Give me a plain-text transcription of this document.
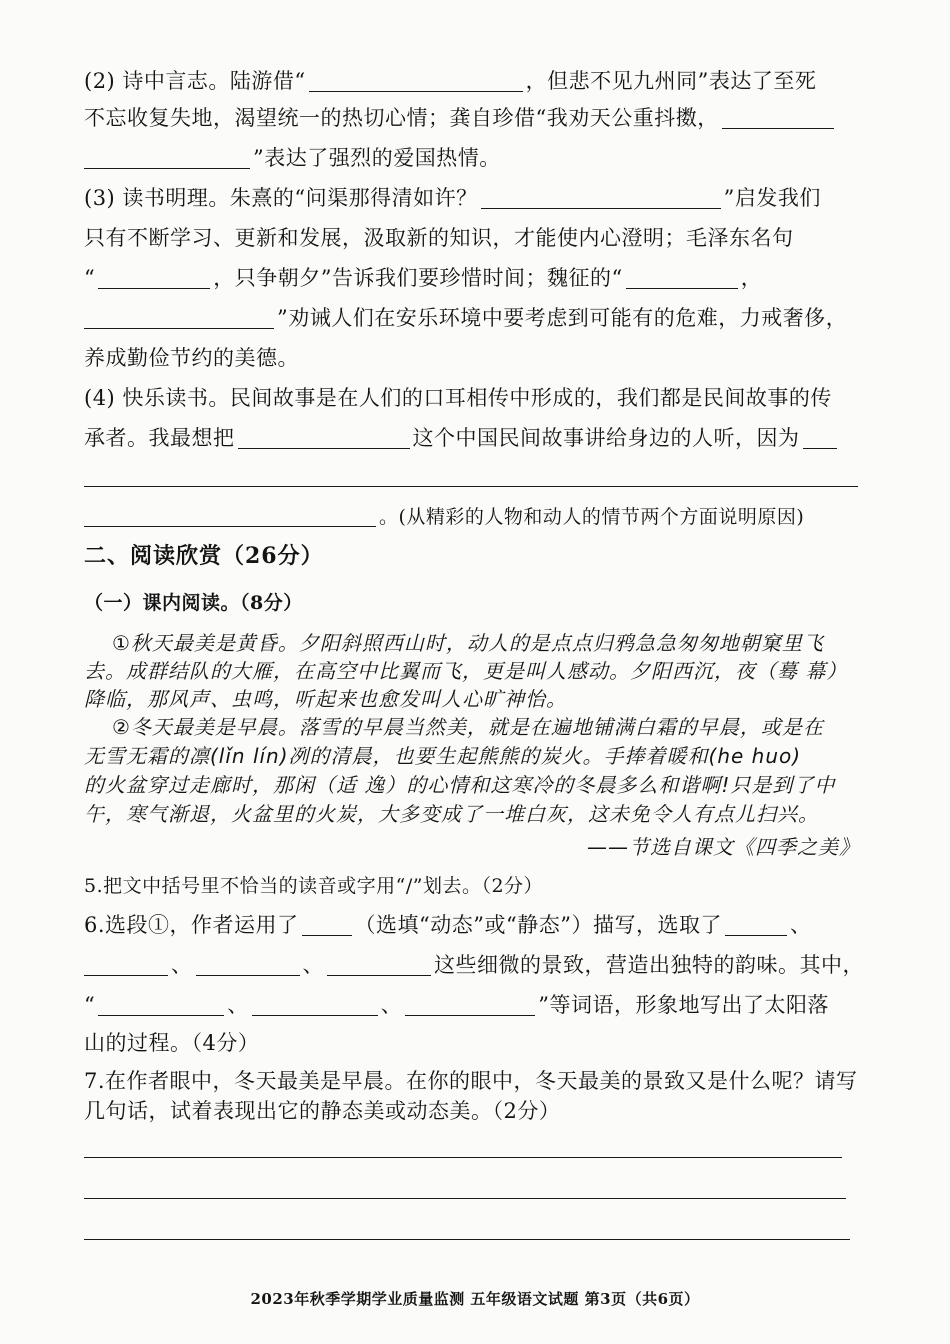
(2) 诗中言志。陆游借“	，但悲不见九州同”表达了至死
不忘收复失地，渴望统一的热切心情；龚自珍借“我劝天公重抖擞，
”表达了强烈的爱国热情。
(3) 读书明理。朱熹的“问渠那得清如许？	”启发我们
只有不断学习、更新和发展，汲取新的知识，才能使内心澄明；毛泽东名句
“	，只争朝夕”告诉我们要珍惜时间；魏征的“	，
”劝诫人们在安乐环境中要考虑到可能有的危难，力戒奢侈，
养成勤俭节约的美德。
(4) 快乐读书。民间故事是在人们的口耳相传中形成的，我们都是民间故事的传
承者。我最想把	这个中国民间故事讲给身边的人听，因为
。(从精彩的人物和动人的情节两个方面说明原因)
二、阅读欣赏（26分）
（一）课内阅读。（8分）
①秋天最美是黄昏。夕阳斜照西山时，动人的是点点归鸦急急匆匆地朝窠里飞
去。成群结队的大雁，在高空中比翼而飞，更是叫人感动。夕阳西沉，夜（蓦 幕）
降临，那风声、虫鸣，听起来也愈发叫人心旷神怡。
②冬天最美是早晨。落雪的早晨当然美，就是在遍地铺满白霜的早晨，或是在
无雪无霜的凛(lǐn lín)冽的清晨，也要生起熊熊的炭火。手捧着暖和(he huo)
的火盆穿过走廊时，那闲（适 逸）的心情和这寒冷的冬晨多么和谐啊!只是到了中
午，寒气渐退，火盆里的火炭，大多变成了一堆白灰，这未免令人有点儿扫兴。
——节选自课文《四季之美》
5.把文中括号里不恰当的读音或字用“/”划去。（2分）
6.选段①，作者运用了	（选填“动态”或“静态”）描写，选取了	、
、	、	这些细微的景致，营造出独特的韵味。其中，
“	、	、	”等词语，形象地写出了太阳落
山的过程。（4分）
7.在作者眼中，冬天最美是早晨。在你的眼中，冬天最美的景致又是什么呢？请写
几句话，试着表现出它的静态美或动态美。（2分）
2023年秋季学期学业质量监测 五年级语文试题 第3页（共6页）
